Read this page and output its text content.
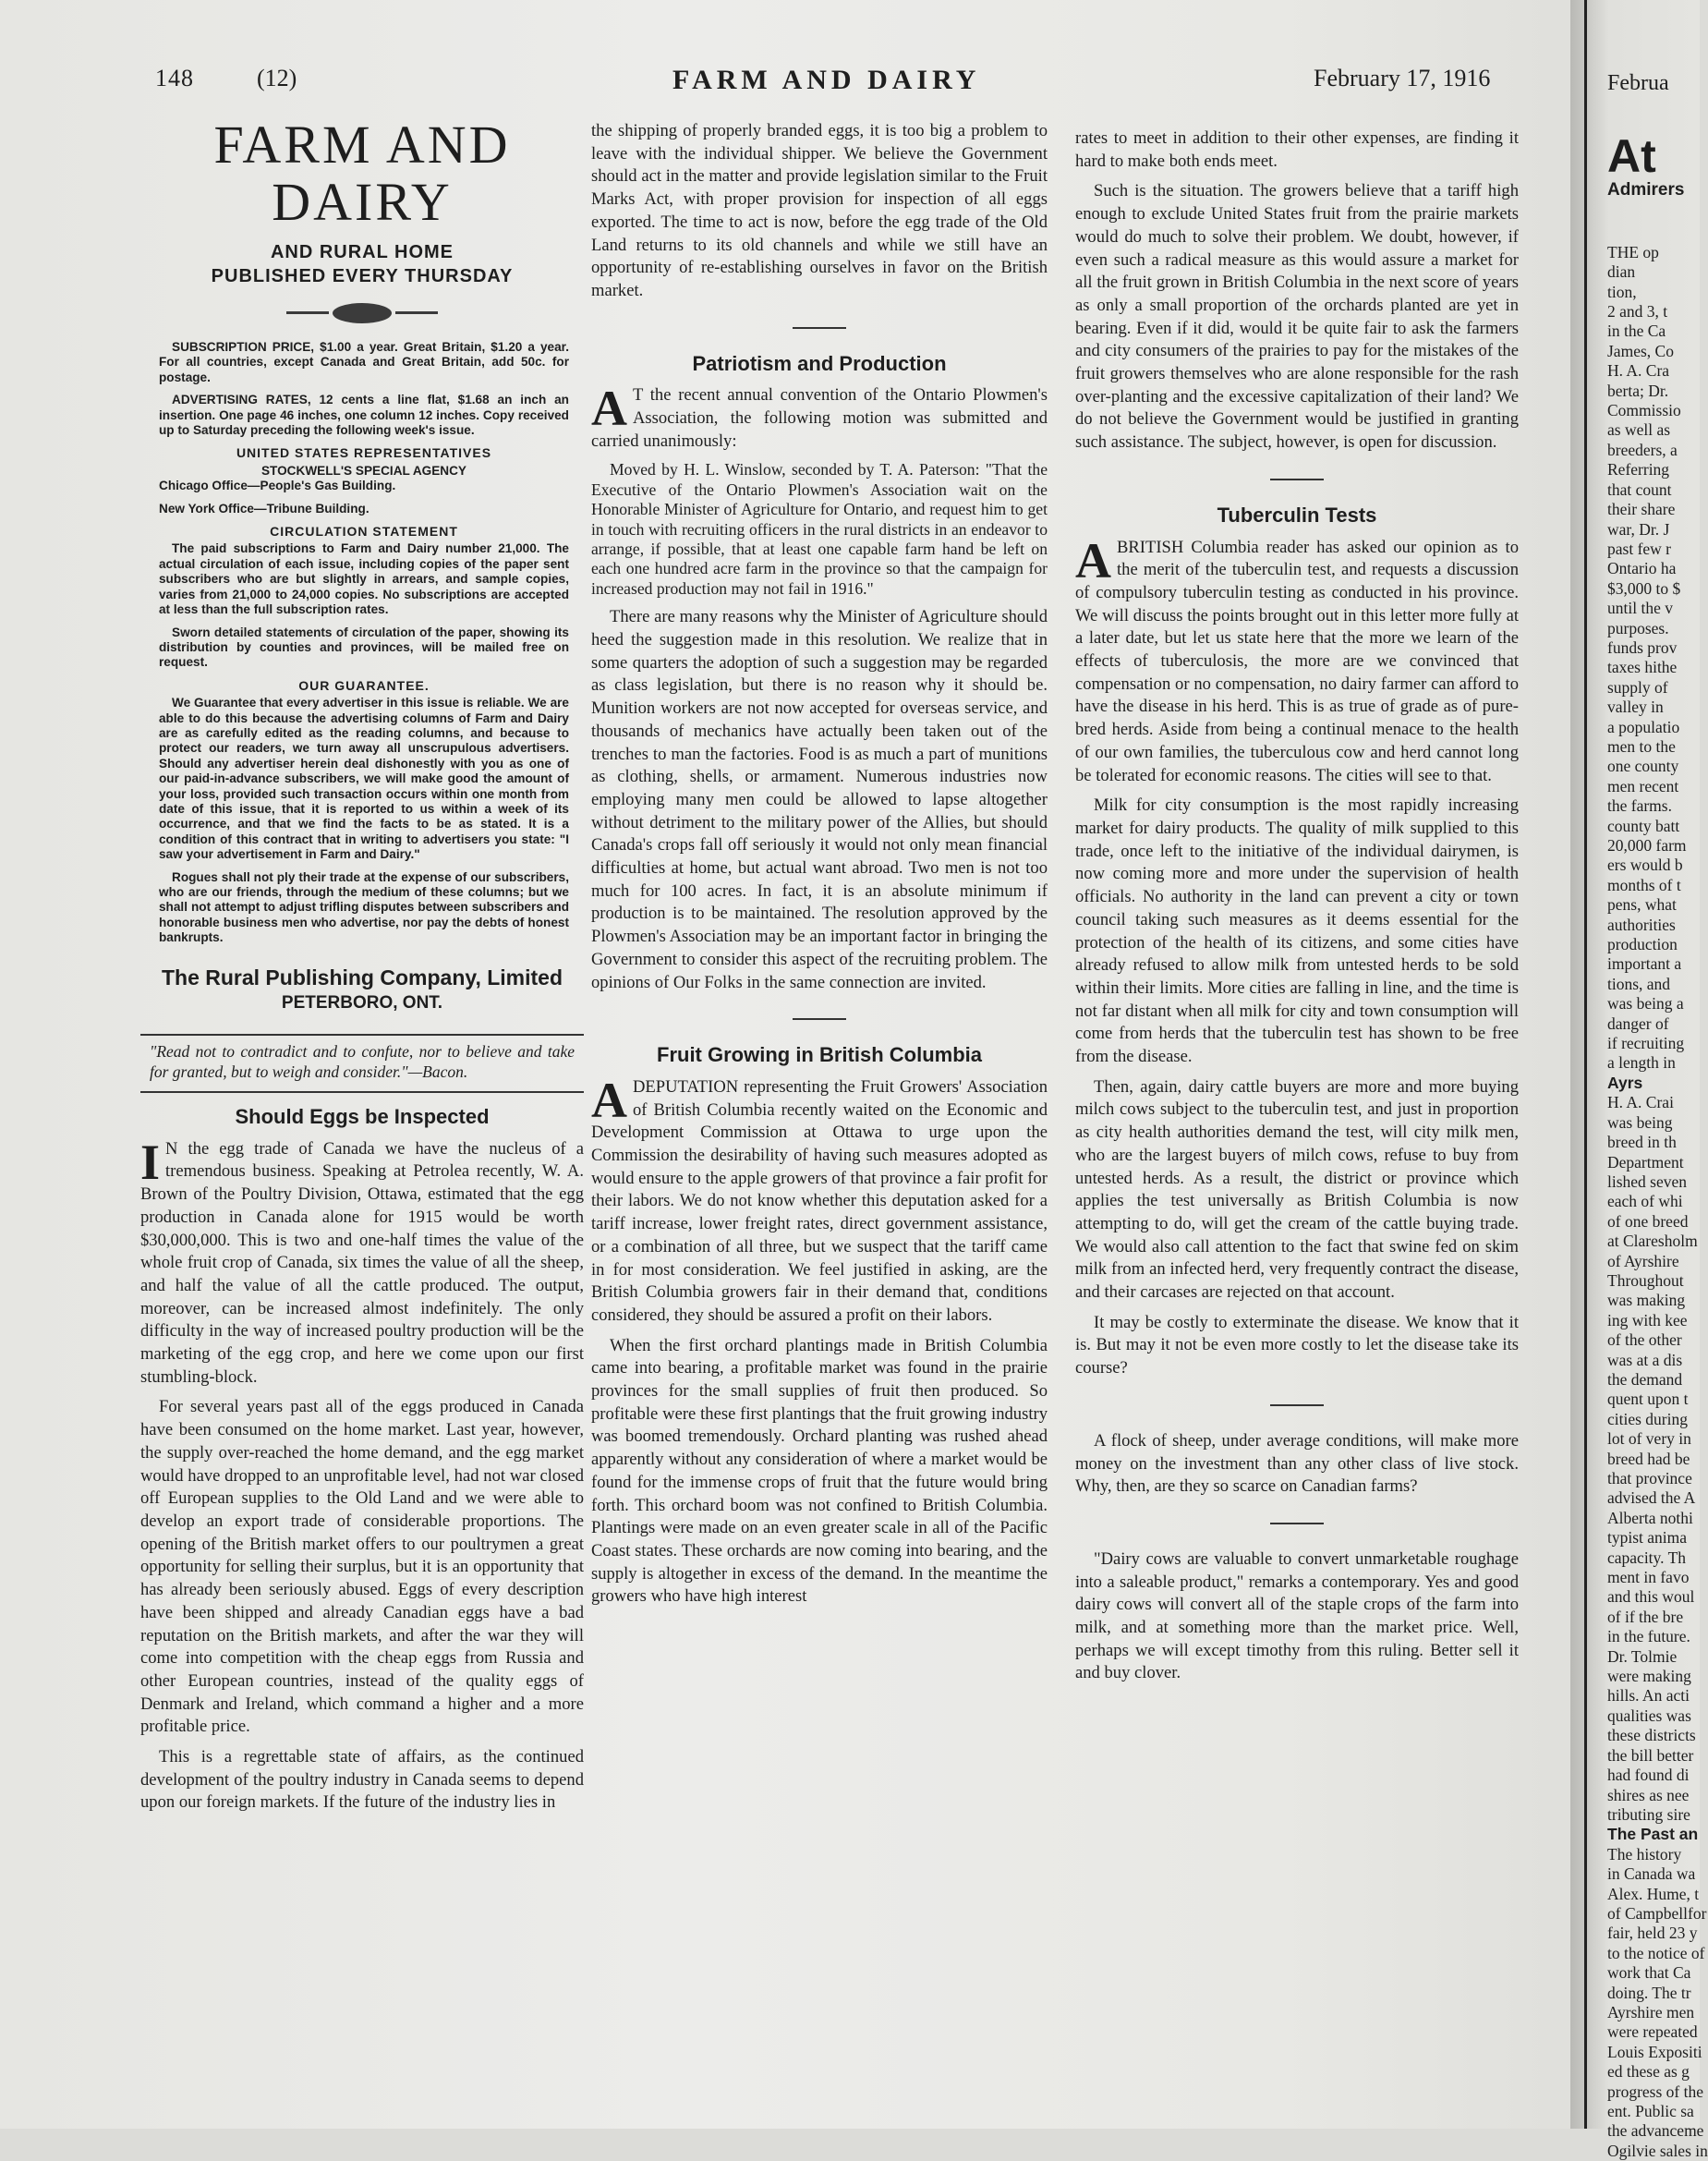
148	(12)	FARM AND DAIRY	February 17, 1916
FARM AND DAIRY
AND RURAL HOME
PUBLISHED EVERY THURSDAY

SUBSCRIPTION PRICE, $1.00 a year. Great Britain, $1.20 a year. For all countries, except Canada and Great Britain, add 50c. for postage.

ADVERTISING RATES, 12 cents a line flat, $1.68 an inch an insertion. One page 46 inches, one column 12 inches. Copy received up to Saturday preceding the following week's issue.

UNITED STATES REPRESENTATIVES
STOCKWELL'S SPECIAL AGENCY

Chicago Office—People's Gas Building.

New York Office—Tribune Building.

CIRCULATION STATEMENT

The paid subscriptions to Farm and Dairy number 21,000. The actual circulation of each issue, including copies of the paper sent subscribers who are but slightly in arrears, and sample copies, varies from 21,000 to 24,000 copies. No subscriptions are accepted at less than the full subscription rates.

Sworn detailed statements of circulation of the paper, showing its distribution by counties and provinces, will be mailed free on request.

OUR GUARANTEE.

We Guarantee that every advertiser in this issue is reliable. We are able to do this because the advertising columns of Farm and Dairy are as carefully edited as the reading columns, and because to protect our readers, we turn away all unscrupulous advertisers. Should any advertiser herein deal dishonestly with you as one of our paid-in-advance subscribers, we will make good the amount of your loss, provided such transaction occurs within one month from date of this issue, that it is reported to us within a week of its occurrence, and that we find the facts to be as stated. It is a condition of this contract that in writing to advertisers you state: "I saw your advertisement in Farm and Dairy."

Rogues shall not ply their trade at the expense of our subscribers, who are our friends, through the medium of these columns; but we shall not attempt to adjust trifling disputes between subscribers and honorable business men who advertise, nor pay the debts of honest bankrupts.

The Rural Publishing Company, Limited
PETERBORO, ONT.
"Read not to contradict and to confute, nor to believe and take for granted, but to weigh and consider."—Bacon.
Should Eggs be Inspected

IN the egg trade of Canada we have the nucleus of a tremendous business. Speaking at Petrolea recently, W. A. Brown of the Poultry Division, Ottawa, estimated that the egg production in Canada alone for 1915 would be worth $30,000,000. This is two and one-half times the value of the whole fruit crop of Canada, six times the value of all the sheep, and half the value of all the cattle produced. The output, moreover, can be increased almost indefinitely. The only difficulty in the way of increased poultry production will be the marketing of the egg crop, and here we come upon our first stumbling-block.

For several years past all of the eggs produced in Canada have been consumed on the home market. Last year, however, the supply over-reached the home demand, and the egg market would have dropped to an unprofitable level, had not war closed off European supplies to the Old Land and we were able to develop an export trade of considerable proportions. The opening of the British market offers to our poultrymen a great opportunity for selling their surplus, but it is an opportunity that has already been seriously abused. Eggs of every description have been shipped and already Canadian eggs have a bad reputation on the British markets, and after the war they will come into competition with the cheap eggs from Russia and other European countries, instead of the quality eggs of Denmark and Ireland, which command a higher and a more profitable price.

This is a regrettable state of affairs, as the continued development of the poultry industry in Canada seems to depend upon our foreign markets. If the future of the industry lies in

the shipping of properly branded eggs, it is too big a problem to leave with the individual shipper. We believe the Government should act in the matter and provide legislation similar to the Fruit Marks Act, with proper provision for inspection of all eggs exported. The time to act is now, before the egg trade of the Old Land returns to its old channels and while we still have an opportunity of re-establishing ourselves in favor on the British market.

Patriotism and Production

AT the recent annual convention of the Ontario Plowmen's Association, the following motion was submitted and carried unanimously:

Moved by H. L. Winslow, seconded by T. A. Paterson: "That the Executive of the Ontario Plowmen's Association wait on the Honorable Minister of Agriculture for Ontario, and request him to get in touch with recruiting officers in the rural districts in an endeavor to arrange, if possible, that at least one capable farm hand be left on each one hundred acre farm in the province so that the campaign for increased production may not fail in 1916."

There are many reasons why the Minister of Agriculture should heed the suggestion made in this resolution. We realize that in some quarters the adoption of such a suggestion may be regarded as class legislation, but there is no reason why it should be. Munition workers are not now accepted for overseas service, and thousands of mechanics have actually been taken out of the trenches to man the factories. Food is as much a part of munitions as clothing, shells, or armament. Numerous industries now employing many men could be allowed to lapse altogether without detriment to the military power of the Allies, but should Canada's crops fall off seriously it would not only mean financial difficulties at home, but actual want abroad. Two men is not too much for 100 acres. In fact, it is an absolute minimum if production is to be maintained. The resolution approved by the Plowmen's Association may be an important factor in bringing the Government to consider this aspect of the recruiting problem. The opinions of Our Folks in the same connection are invited.

Fruit Growing in British Columbia

ADEPUTATION representing the Fruit Growers' Association of British Columbia recently waited on the Economic and Development Commission at Ottawa to urge upon the Commission the desirability of having such measures adopted as would ensure to the apple growers of that province a fair profit for their labors. We do not know whether this deputation asked for a tariff increase, lower freight rates, direct government assistance, or a combination of all three, but we suspect that the tariff came in for most consideration. We feel justified in asking, are the British Columbia growers fair in their demand that, conditions considered, they should be assured a profit on their labors.

When the first orchard plantings made in British Columbia came into bearing, a profitable market was found in the prairie provinces for the small supplies of fruit then produced. So profitable were these first plantings that the fruit growing industry was boomed tremendously. Orchard planting was rushed ahead apparently without any consideration of where a market would be found for the immense crops of fruit that the future would bring forth. This orchard boom was not confined to British Columbia. Plantings were made on an even greater scale in all of the Pacific Coast states. These orchards are now coming into bearing, and the supply is altogether in excess of the demand. In the meantime the growers who have high interest

rates to meet in addition to their other expenses, are finding it hard to make both ends meet.

Such is the situation. The growers believe that a tariff high enough to exclude United States fruit from the prairie markets would do much to solve their problem. We doubt, however, if even such a radical measure as this would assure a market for all the fruit grown in British Columbia in the next score of years as only a small proportion of the orchards planted are yet in bearing. Even if it did, would it be quite fair to ask the farmers and city consumers of the prairies to pay for the mistakes of the fruit growers themselves who are alone responsible for the rash over-planting and the excessive capitalization of their land? We do not believe the Government would be justified in granting such assistance. The subject, however, is open for discussion.

Tuberculin Tests

ABRITISH Columbia reader has asked our opinion as to the merit of the tuberculin test, and requests a discussion of compulsory tuberculin testing as conducted in his province. We will discuss the points brought out in this letter more fully at a later date, but let us state here that the more we learn of the effects of tuberculosis, the more are we convinced that compensation or no compensation, no dairy farmer can afford to have the disease in his herd. This is as true of grade as of pure-bred herds. Aside from being a continual menace to the health of our own families, the tuberculous cow and herd cannot long be tolerated for economic reasons. The cities will see to that.

Milk for city consumption is the most rapidly increasing market for dairy products. The quality of milk supplied to this trade, once left to the initiative of the individual dairymen, is now coming more and more under the supervision of health officials. No authority in the land can prevent a city or town council taking such measures as it deems essential for the protection of the health of its citizens, and some cities have already refused to allow milk from untested herds to be sold within their limits. More cities are falling in line, and the time is not far distant when all milk for city and town consumption will come from herds that the tuberculin test has shown to be free from the disease.

Then, again, dairy cattle buyers are more and more buying milch cows subject to the tuberculin test, and just in proportion as city health authorities demand the test, will city milk men, who are the largest buyers of milch cows, refuse to buy from untested herds. As a result, the district or province which applies the test universally as British Columbia is now attempting to do, will get the cream of the cattle buying trade. We would also call attention to the fact that swine fed on skim milk from an infected herd, very frequently contract the disease, and their carcases are rejected on that account.

It may be costly to exterminate the disease. We know that it is. But may it not be even more costly to let the disease take its course?

A flock of sheep, under average conditions, will make more money on the investment than any other class of live stock. Why, then, are they so scarce on Canadian farms?

"Dairy cows are valuable to convert unmarketable roughage into a saleable product," remarks a contemporary. Yes and good dairy cows will convert all of the staple crops of the farm into milk, and at something more than the market price. Well, perhaps we will except timothy from this ruling. Better sell it and buy clover.

Februa
At
Admirers
THE op
dian
tion,
2 and 3, t
in the Ca
James, Co
H. A. Cra
berta; Dr.
Commissio
as well as
breeders, a
Referring
that count
their share
war, Dr. J
past few r
Ontario ha
$3,000 to $
until the v
purposes.
funds prov
taxes hithe
supply of
valley in
a populatio
men to the
one county
men recent
the farms.
county batt
20,000 farm
ers would b
months of t
pens, what
authorities
production
important a
tions, and
was being a
danger of
if recruiting
a length in
Ayrs
H. A. Crai
was being
breed in th
Department
lished seven
each of whi
of one breed
at Claresholm
of Ayrshire
Throughout
was making
ing with kee
of the other
was at a dis
the demand
quent upon t
cities during
lot of very in
breed had be
that province
advised the A
Alberta nothi
typist anima
capacity. Th
ment in favo
and this woul
of if the bre
in the future.
Dr. Tolmie
were making
hills. An acti
qualities was
these districts
the bill better
had found di
shires as nee
tributing sire
The Past an
The history
in Canada wa
Alex. Hume, t
of Campbellfor
fair, held 23 y
to the notice of
work that Ca
doing. The tr
Ayrshire men
were repeated
Louis Expositi
ed these as g
progress of the
ent. Public sa
the advanceme
Ogilvie sales in
